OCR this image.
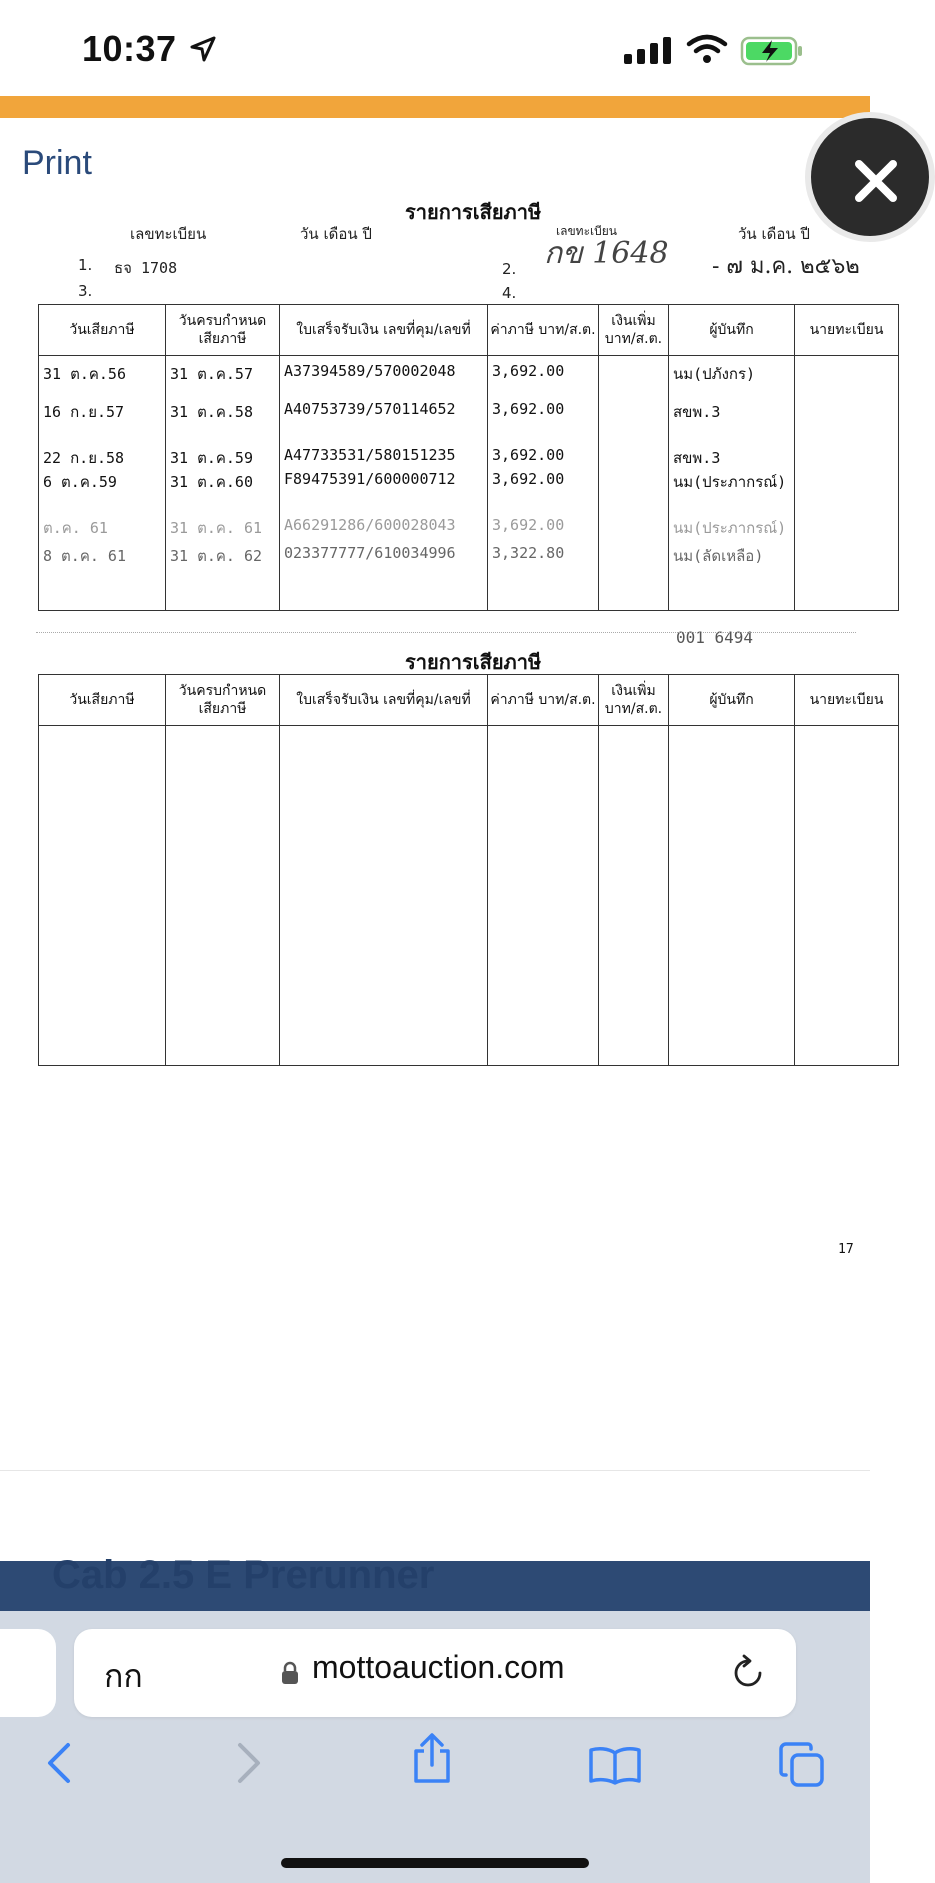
10:37
Print
รายการเสียภาษี
เลขทะเบียน	วัน เดือน ปี	เลขทะเบียน	วัน เดือน ปี
1. ธจ 1708	2. กข 1648 - ๗ ม.ค. ๒๕๖๒
3.	4.
วันเสียภาษี	วันครบกำหนด เสียภาษี	ใบเสร็จรับเงิน เลขที่คุม/เลขที่	ค่าภาษี บาท/ส.ต.	เงินเพิ่ม บาท/ส.ต.	ผู้บันทึก	นายทะเบียน
31 ต.ค.56	31 ต.ค.57	A37394589/570002048	3,692.00		นม(ปภังกร)	
16 ก.ย.57	31 ต.ค.58	A40753739/570114652	3,692.00		สขพ.3	
22 ก.ย.58	31 ต.ค.59	A47733531/580151235	3,692.00		สขพ.3	
6 ต.ค.59	31 ต.ค.60	F89475391/600000712	3,692.00		นม(ประภากรณ์)	
ต.ค. 61	31 ต.ค. 61	A66291286/600028043	3,692.00		นม(ประภากรณ์)	
8 ต.ค. 61	31 ต.ค. 62	023377777/610034996	3,322.80		นม(ลัดเหลือ)	
001 6494
รายการเสียภาษี
วันเสียภาษี	วันครบกำหนด เสียภาษี	ใบเสร็จรับเงิน เลขที่คุม/เลขที่	ค่าภาษี บาท/ส.ต.	เงินเพิ่ม บาท/ส.ต.	ผู้บันทึก	นายทะเบียน

17
Cab 2.5 E Prerunner
กก	mottoauction.com
